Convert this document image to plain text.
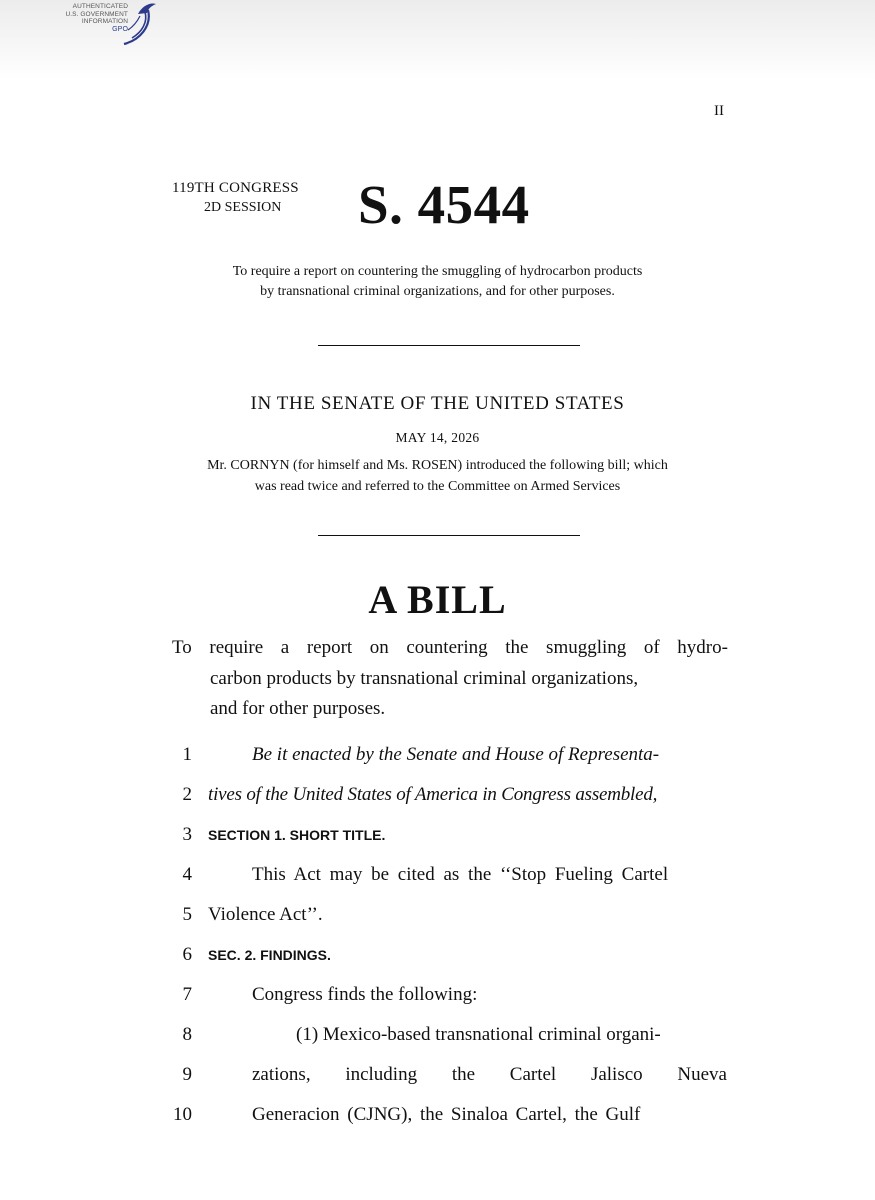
AUTHENTICATED
U.S. GOVERNMENT
INFORMATION
GPO
II
119TH CONGRESS
2D SESSION S. 4544
To require a report on countering the smuggling of hydrocarbon products
by transnational criminal organizations, and for other purposes.
IN THE SENATE OF THE UNITED STATES
MAY 14, 2026
Mr. CORNYN (for himself and Ms. ROSEN) introduced the following bill; which
was read twice and referred to the Committee on Armed Services
A BILL
To require a report on countering the smuggling of hydro-
carbon products by transnational criminal organizations,
and for other purposes.
1	Be it enacted by the Senate and House of Representa-
2 tives of the United States of America in Congress assembled,
3 SECTION 1. SHORT TITLE.
4	This Act may be cited as the ‘‘Stop Fueling Cartel
5 Violence Act’’.
6 SEC. 2. FINDINGS.
7	Congress finds the following:
8	(1) Mexico-based transnational criminal organi-
9	zations, including the Cartel Jalisco Nueva
10	Generacion (CJNG), the Sinaloa Cartel, the Gulf
